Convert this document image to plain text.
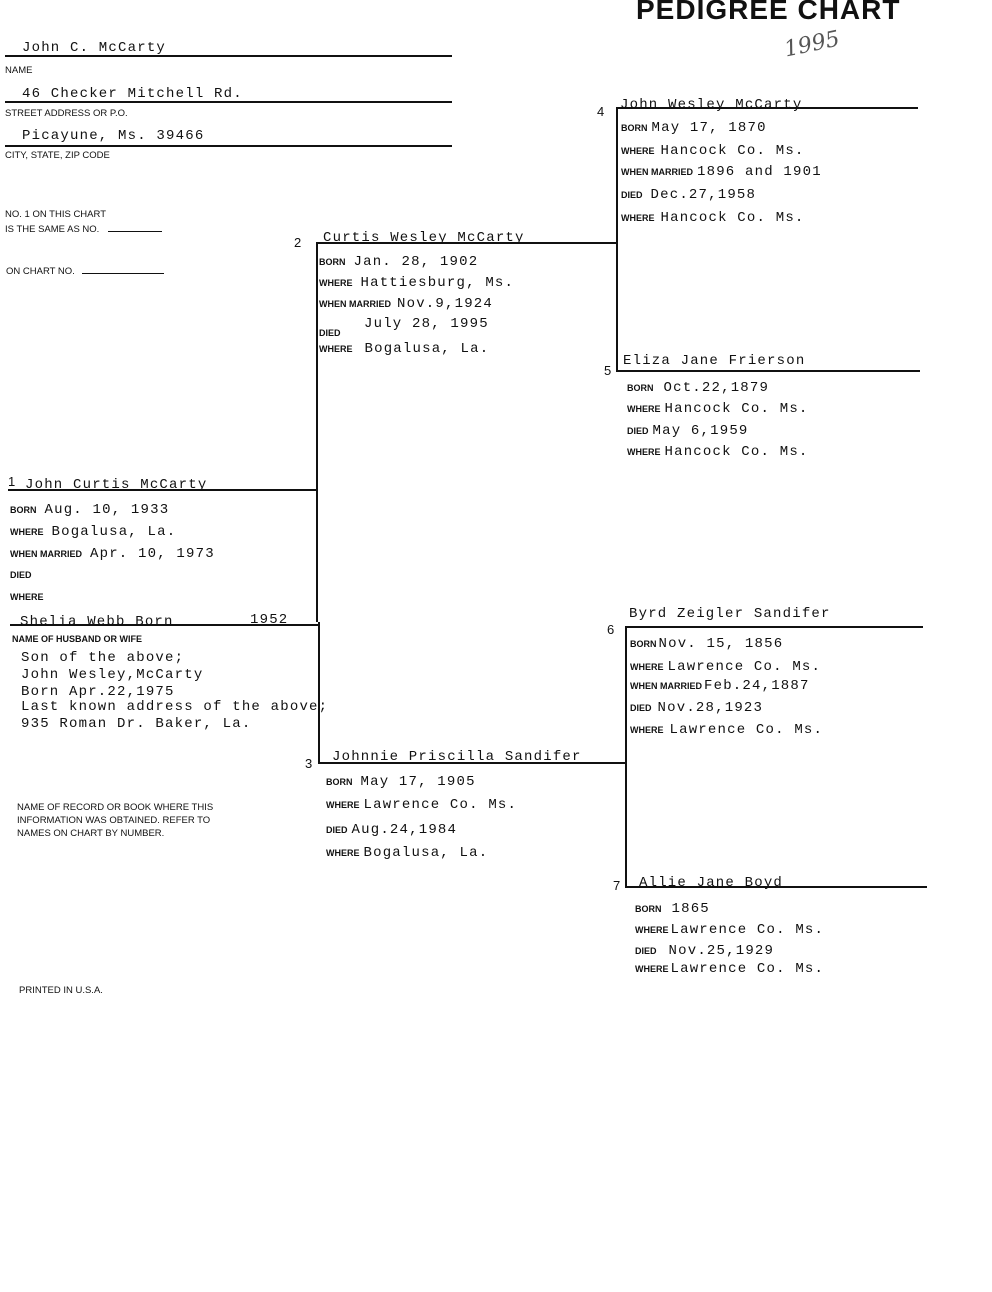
PEDIGREE CHART
1995
John C. McCarty
NAME
46 Checker Mitchell Rd.
STREET ADDRESS OR P.O.
Picayune, Ms. 39466
CITY, STATE, ZIP CODE
NO. 1 ON THIS CHART
IS THE SAME AS NO.
ON CHART NO.
1 John Curtis McCarty
BORN Aug. 10, 1933
WHERE Bogalusa, La.
WHEN MARRIED Apr. 10, 1973
DIED
WHERE
Shelia Webb Born	1952
NAME OF HUSBAND OR WIFE
Son of the above;
John Wesley,McCarty
Born Apr.22,1975
Last known address of the above;
935 Roman Dr. Baker, La.
NAME OF RECORD OR BOOK WHERE THIS
INFORMATION WAS OBTAINED. REFER TO
NAMES ON CHART BY NUMBER.
PRINTED IN U.S.A.
2 Curtis Wesley McCarty
BORN Jan. 28, 1902
WHERE Hattiesburg, Ms.
WHEN MARRIED Nov.9,1924
DIED
July 28, 1995
WHERE Bogalusa, La.
3 Johnnie Priscilla Sandifer
BORN May 17, 1905
WHERE Lawrence Co. Ms.
DIED Aug.24,1984
WHERE Bogalusa, La.
4 John Wesley McCarty
BORN May 17, 1870
WHERE Hancock Co. Ms.
WHEN MARRIED 1896 and 1901
DIED Dec.27,1958
WHERE Hancock Co. Ms.
5
Eliza Jane Frierson
BORN Oct.22,1879
WHERE Hancock Co. Ms.
DIED May 6,1959
WHERE Hancock Co. Ms.
6
Byrd Zeigler Sandifer
BORN Nov. 15, 1856
WHERE Lawrence Co. Ms.
WHEN MARRIED Feb.24,1887
DIED Nov.28,1923
WHERE Lawrence Co. Ms.
7 Allie Jane Boyd
BORN 1865
WHERE Lawrence Co. Ms.
DIED Nov.25,1929
WHERE Lawrence Co. Ms.
